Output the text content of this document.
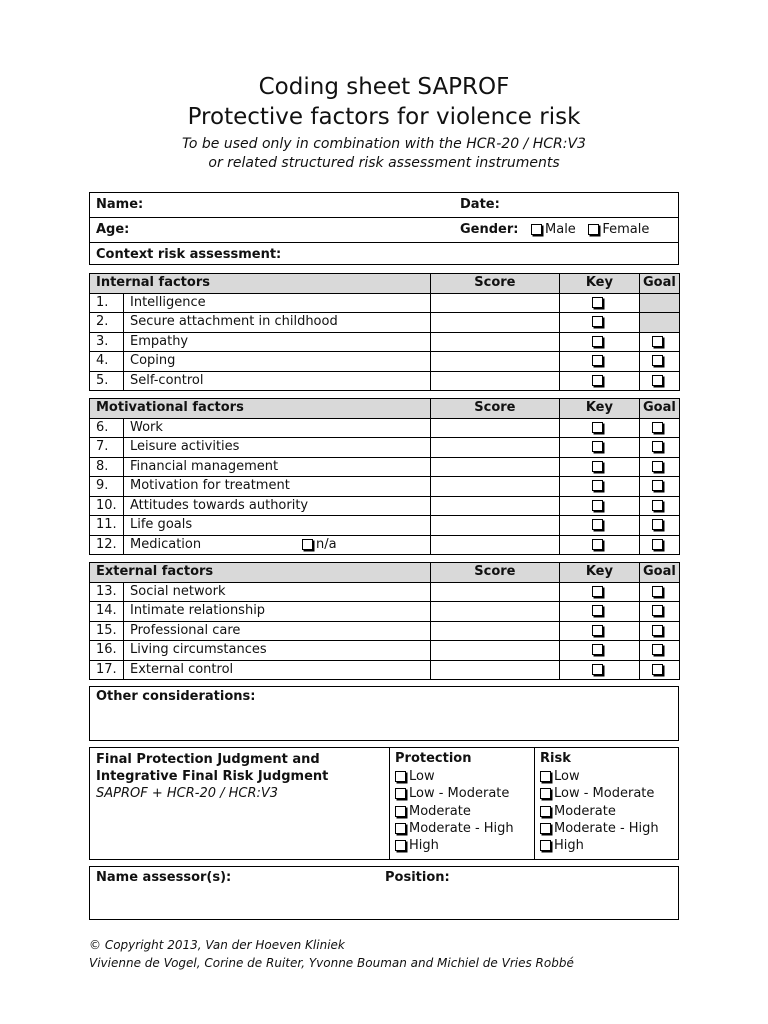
Coding sheet SAPROF
Protective factors for violence risk
To be used only in combination with the HCR-20 / HCR:V3
or related structured risk assessment instruments
Name:	Date:
Age:	Gender: Male Female
Context risk assessment:
Internal factors		Score	Key	Goal
1.	Intelligence			
2.	Secure attachment in childhood			
3.	Empathy			
4.	Coping			
5.	Self-control			
Motivational factors		Score	Key	Goal
6.	Work			
7.	Leisure activities			
8.	Financial management			
9.	Motivation for treatment			
10.	Attitudes towards authority			
11.	Life goals			
12.	Medication n/a			

External factors		Score	Key	Goal
13.	Social network			
14.	Intimate relationship			
15.	Professional care			
16.	Living circumstances			
17.	External control			
Other considerations:
Final Protection Judgment and
Integrative Final Risk Judgment
SAPROF + HCR-20 / HCR:V3
Protection
Low
Low - Moderate
Moderate
Moderate - High
High
Risk
Low
Low - Moderate
Moderate
Moderate - High
High
Name assessor(s):	Position:
© Copyright 2013, Van der Hoeven Kliniek
Vivienne de Vogel, Corine de Ruiter, Yvonne Bouman and Michiel de Vries Robbé
